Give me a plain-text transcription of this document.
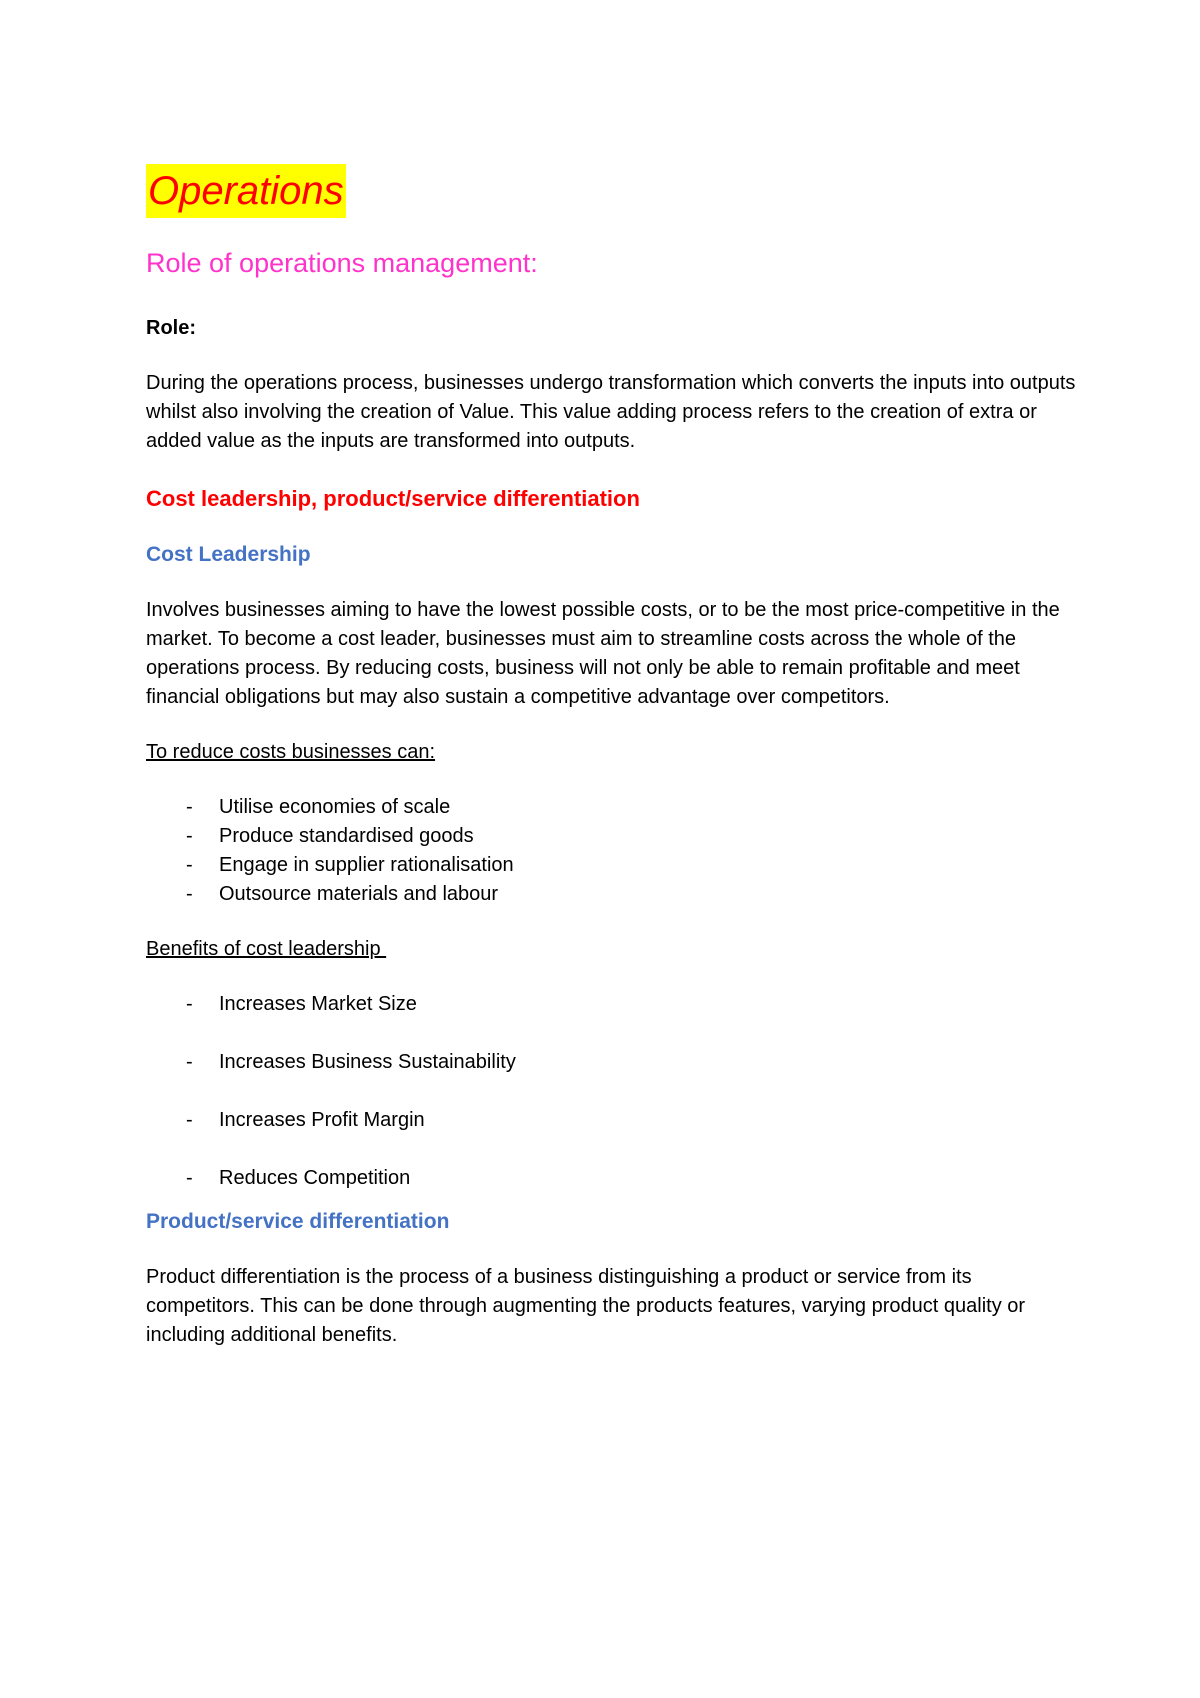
Operations
Role of operations management:
Role:

During the operations process, businesses undergo transformation which converts the inputs into outputs whilst also involving the creation of Value. This value adding process refers to the creation of extra or added value as the inputs are transformed into outputs.

Cost leadership, product/service differentiation
Cost Leadership

Involves businesses aiming to have the lowest possible costs, or to be the most price-competitive in the market. To become a cost leader, businesses must aim to streamline costs across the whole of the operations process. By reducing costs, business will not only be able to remain profitable and meet financial obligations but may also sustain a competitive advantage over competitors.

To reduce costs businesses can:
- Utilise economies of scale
- Produce standardised goods
- Engage in supplier rationalisation
- Outsource materials and labour
Benefits of cost leadership
- Increases Market Size
- Increases Business Sustainability
- Increases Profit Margin
- Reduces Competition
Product/service differentiation

Product differentiation is the process of a business distinguishing a product or service from its competitors. This can be done through augmenting the products features, varying product quality or including additional benefits.
